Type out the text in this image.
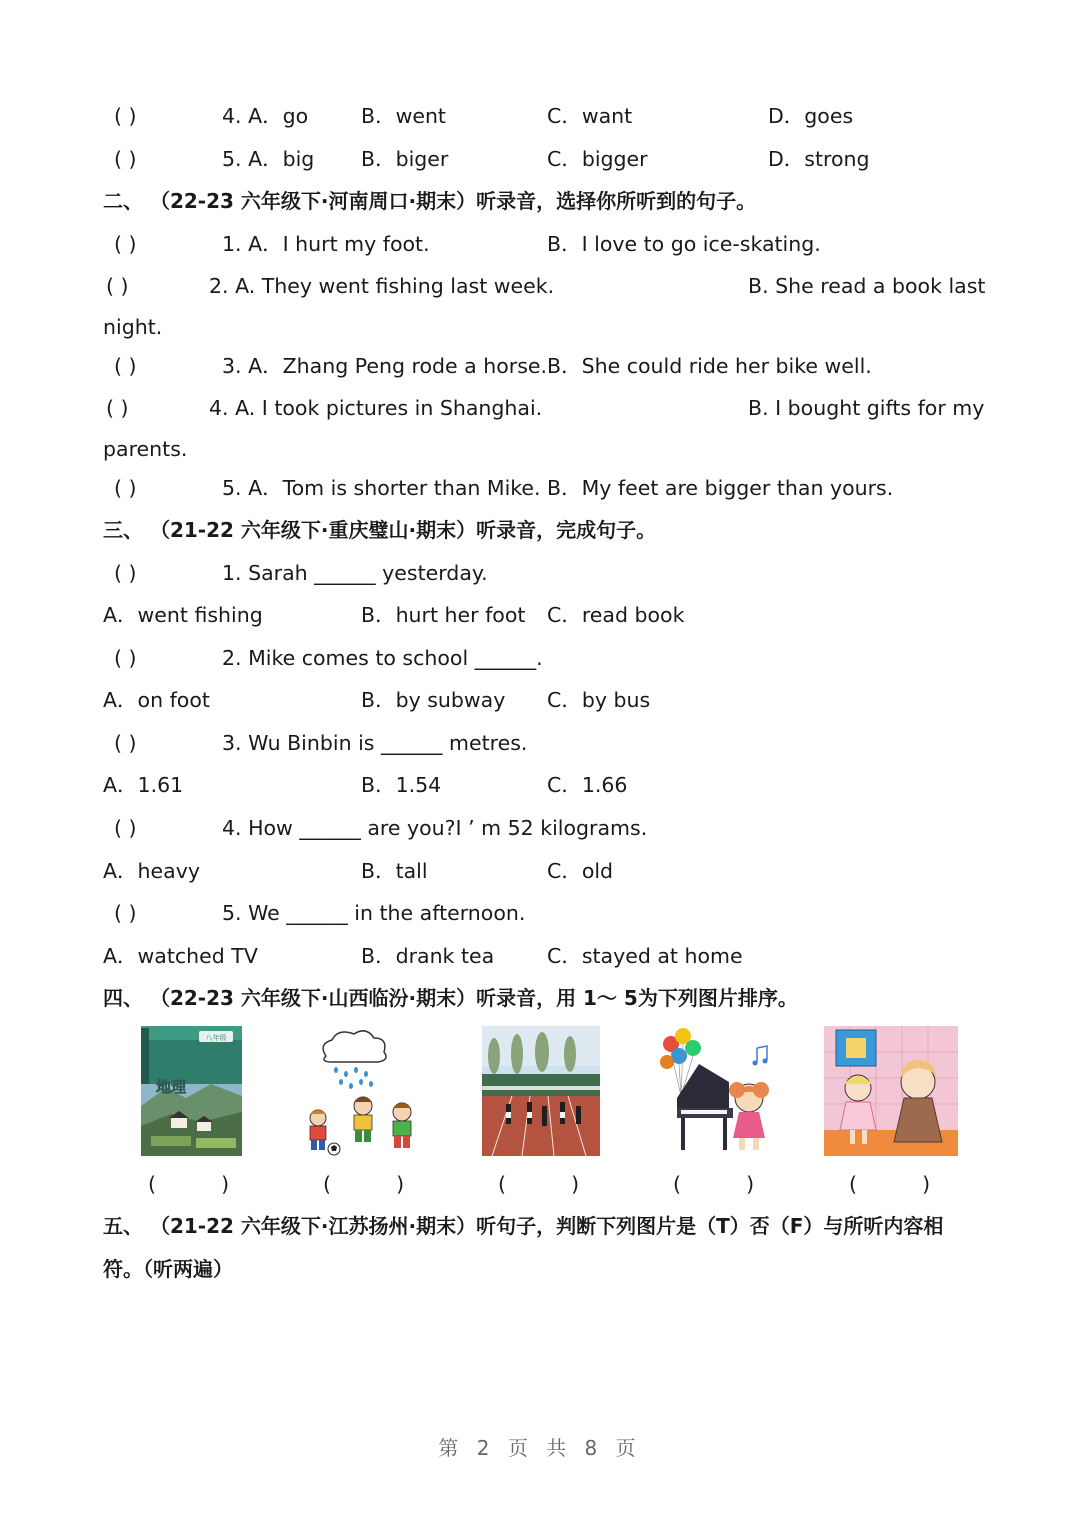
( )	4. A．go	B．went	C．want	D．goes
( )	5. A．big B．biger	C．bigger	D．strong
二、 （22-23 六年级下·河南周口·期末）听录音，选择你所听到的句子。
( )	1. A．I hurt my foot.	B．I love to go ice-skating.
( )	2. A. They went fishing last week.	B. She read a book last
night.
( )	3. A．Zhang Peng rode a horse. B．She could ride her bike well.
( )	4. A. I took pictures in Shanghai.	B. I bought gifts for my
parents.
( )	5. A．Tom is shorter than Mike. B．My feet are bigger than yours.
三、 （21-22 六年级下·重庆璧山·期末）听录音，完成句子。
( )	1. Sarah ______ yesterday.
A．went fishing	B．hurt her foot C．read book
( )	2. Mike comes to school ______.
A．on foot	B．by subway C．by bus
( )	3. Wu Binbin is ______ metres.
A．1.61	B．1.54	C．1.66
( )	4. How ______ are you?I ’ m 52 kilograms.
A．heavy	B．tall	C．old
( )	5. We ______ in the afternoon.
A．watched TV	B．drank tea	C．stayed at home
四、 （22-23 六年级下·山西临汾·期末）听录音，用 1～ 5为下列图片排序。
八年级
地理
(          )	(          )	(          )	(          )	(          )
五、 （21-22 六年级下·江苏扬州·期末）听句子，判断下列图片是（T）否（F）与所听内容相
符。（听两遍）
第 2 页 共 8 页
